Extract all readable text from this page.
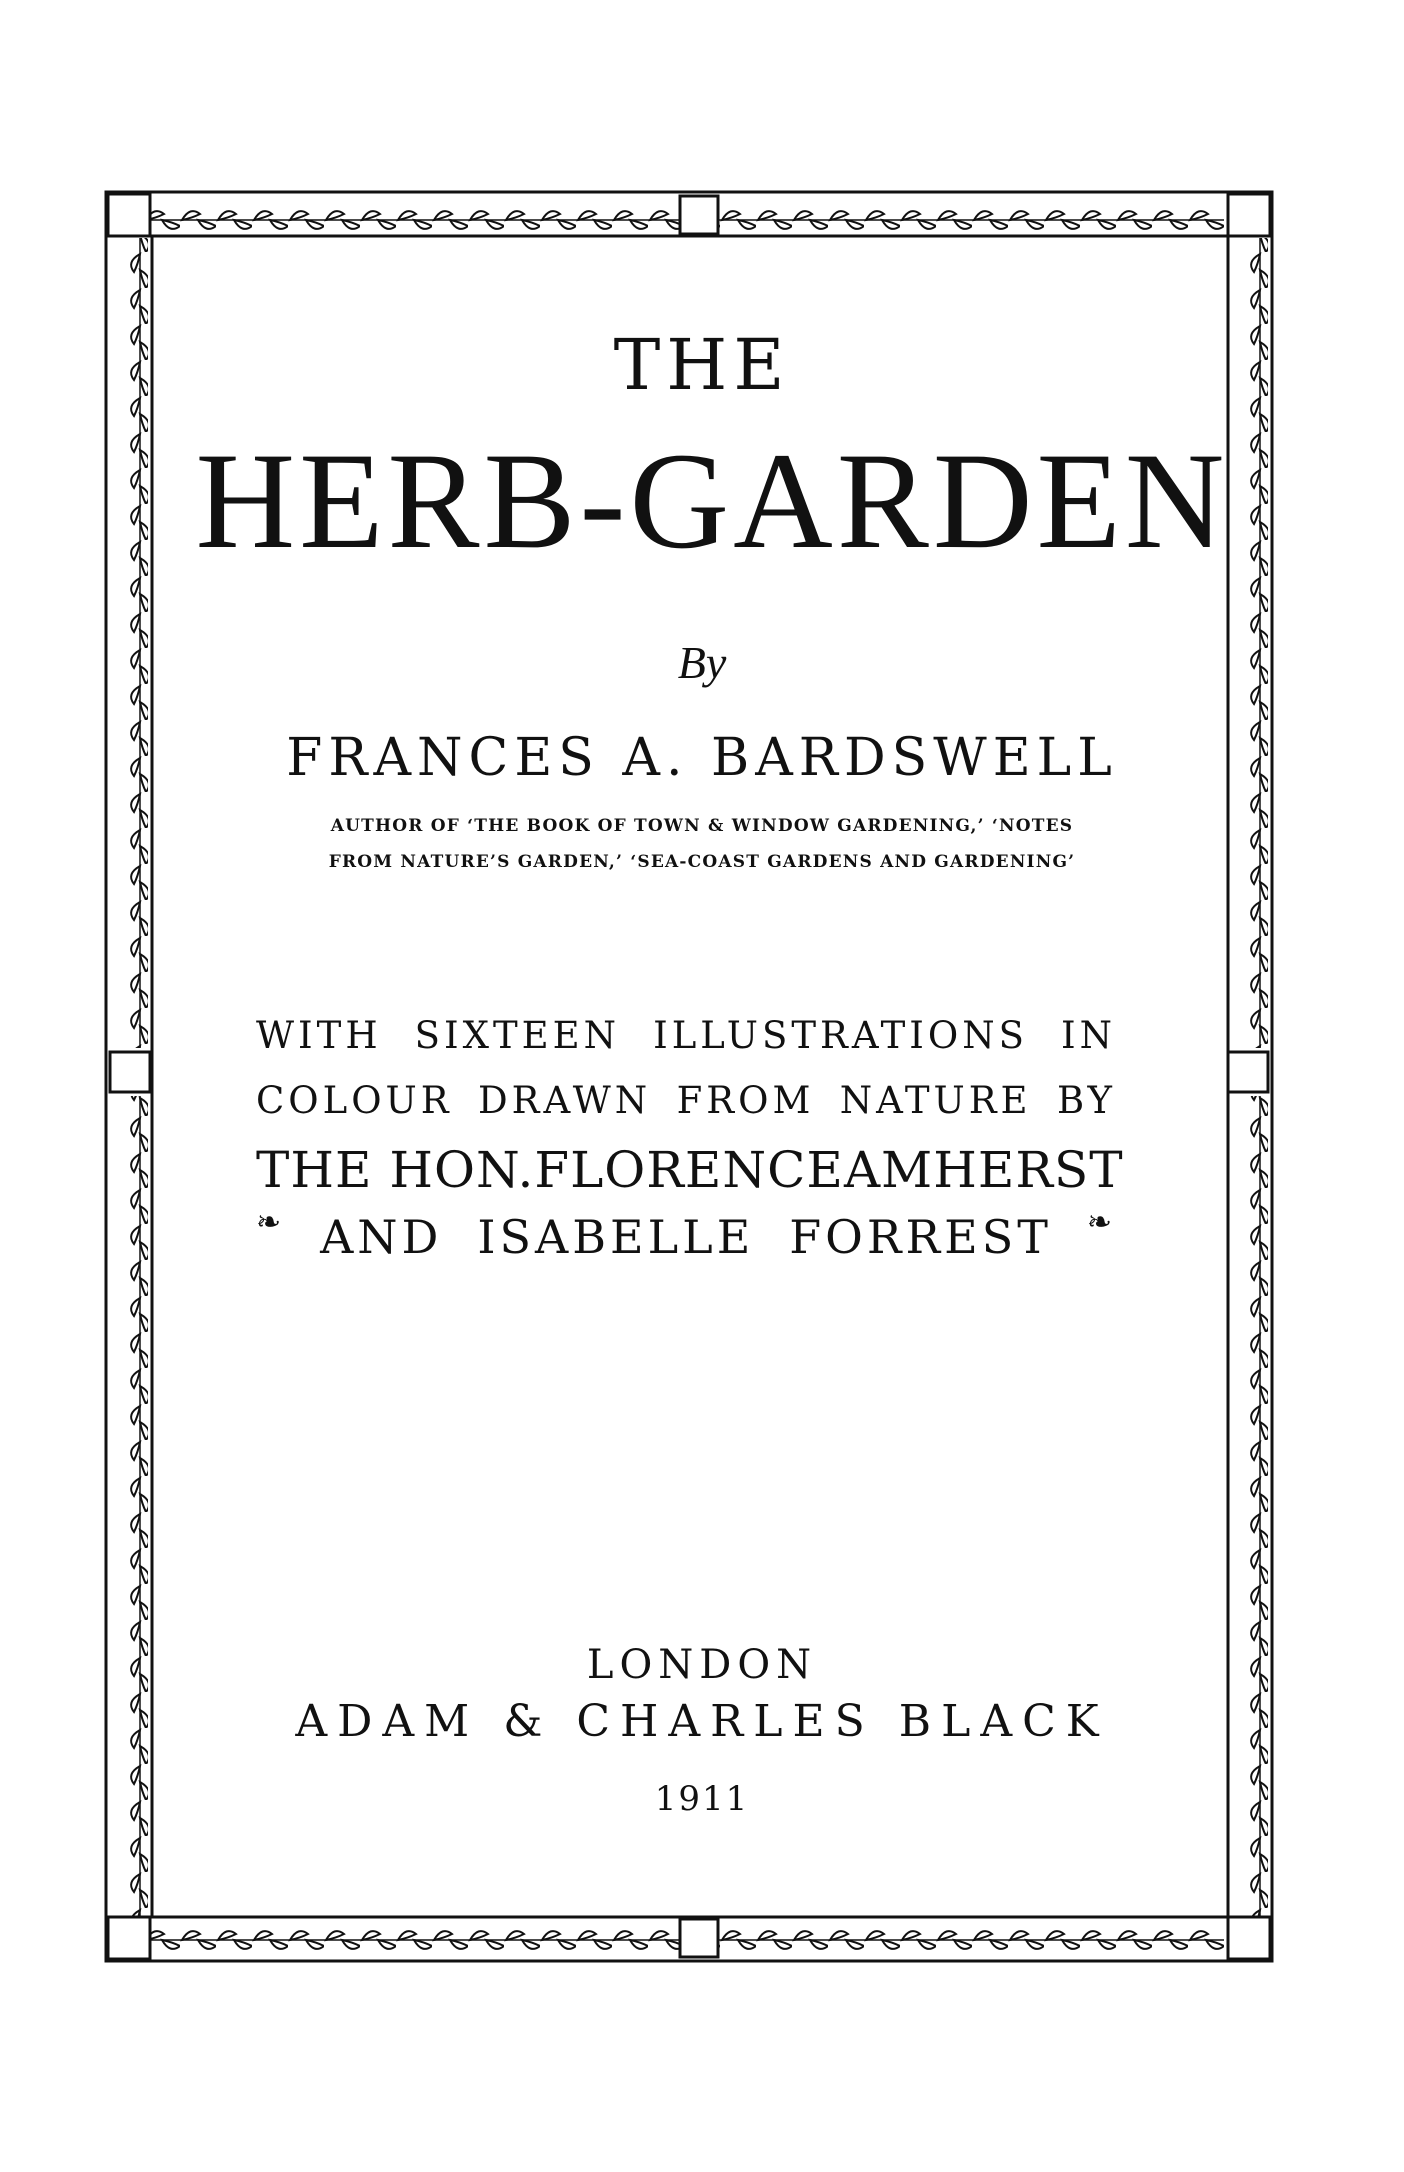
THE
HERB-GARDEN
By
FRANCES A. BARDSWELL
AUTHOR OF ‘THE BOOK OF TOWN & WINDOW GARDENING,’ ‘NOTES
FROM NATURE’S GARDEN,’ ‘SEA-COAST GARDENS AND GARDENING’
WITH SIXTEEN ILLUSTRATIONS IN
COLOUR DRAWN FROM NATURE BY
THE HON. FLORENCE AMHERST
❧ AND ISABELLE FORREST ❧
LONDON
ADAM & CHARLES BLACK
1911
